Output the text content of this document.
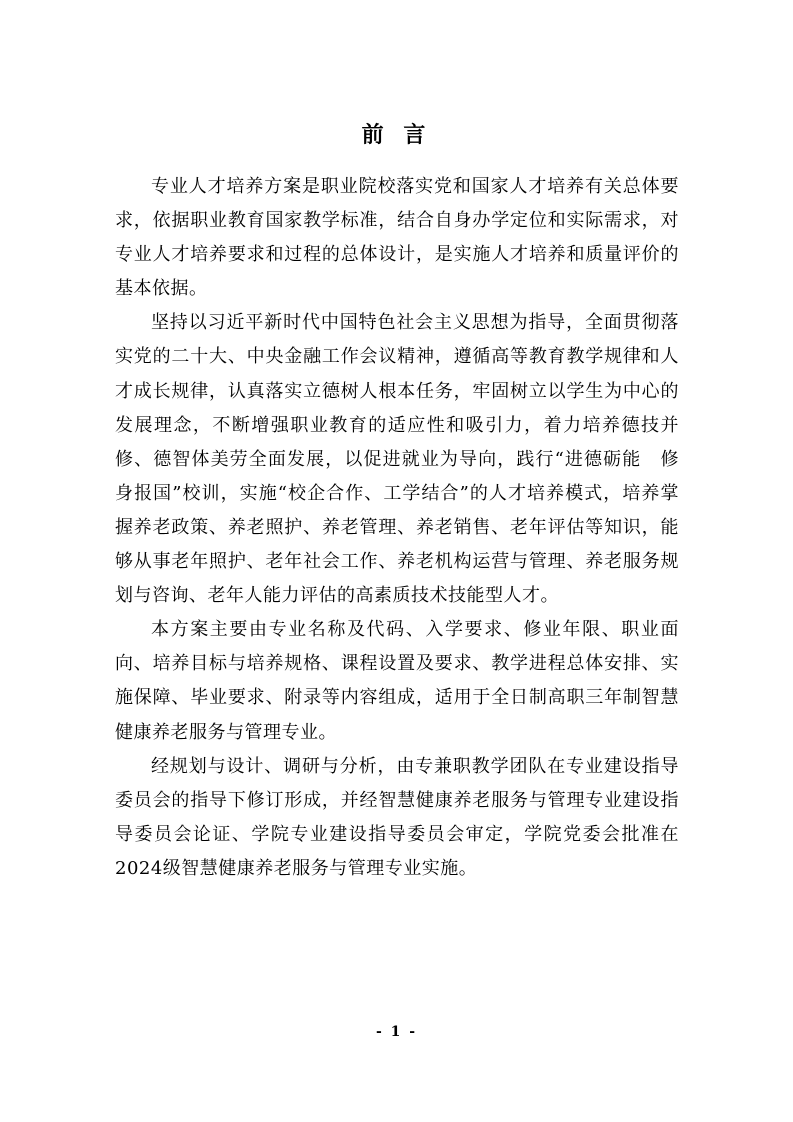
前 言

专业人才培养方案是职业院校落实党和国家人才培养有关总体要求，依据职业教育国家教学标准，结合自身办学定位和实际需求，对专业人才培养要求和过程的总体设计，是实施人才培养和质量评价的基本依据。

坚持以习近平新时代中国特色社会主义思想为指导，全面贯彻落实党的二十大、中央金融工作会议精神，遵循高等教育教学规律和人才成长规律，认真落实立德树人根本任务，牢固树立以学生为中心的发展理念，不断增强职业教育的适应性和吸引力，着力培养德技并修、德智体美劳全面发展，以促进就业为导向，践行“进德砺能　修身报国”校训，实施“校企合作、工学结合”的人才培养模式，培养掌握养老政策、养老照护、养老管理、养老销售、老年评估等知识，能够从事老年照护、老年社会工作、养老机构运营与管理、养老服务规划与咨询、老年人能力评估的高素质技术技能型人才。

本方案主要由专业名称及代码、入学要求、修业年限、职业面向、培养目标与培养规格、课程设置及要求、教学进程总体安排、实施保障、毕业要求、附录等内容组成，适用于全日制高职三年制智慧健康养老服务与管理专业。

经规划与设计、调研与分析，由专兼职教学团队在专业建设指导委员会的指导下修订形成，并经智慧健康养老服务与管理专业建设指导委员会论证、学院专业建设指导委员会审定，学院党委会批准在2024级智慧健康养老服务与管理专业实施。

- 1 -
